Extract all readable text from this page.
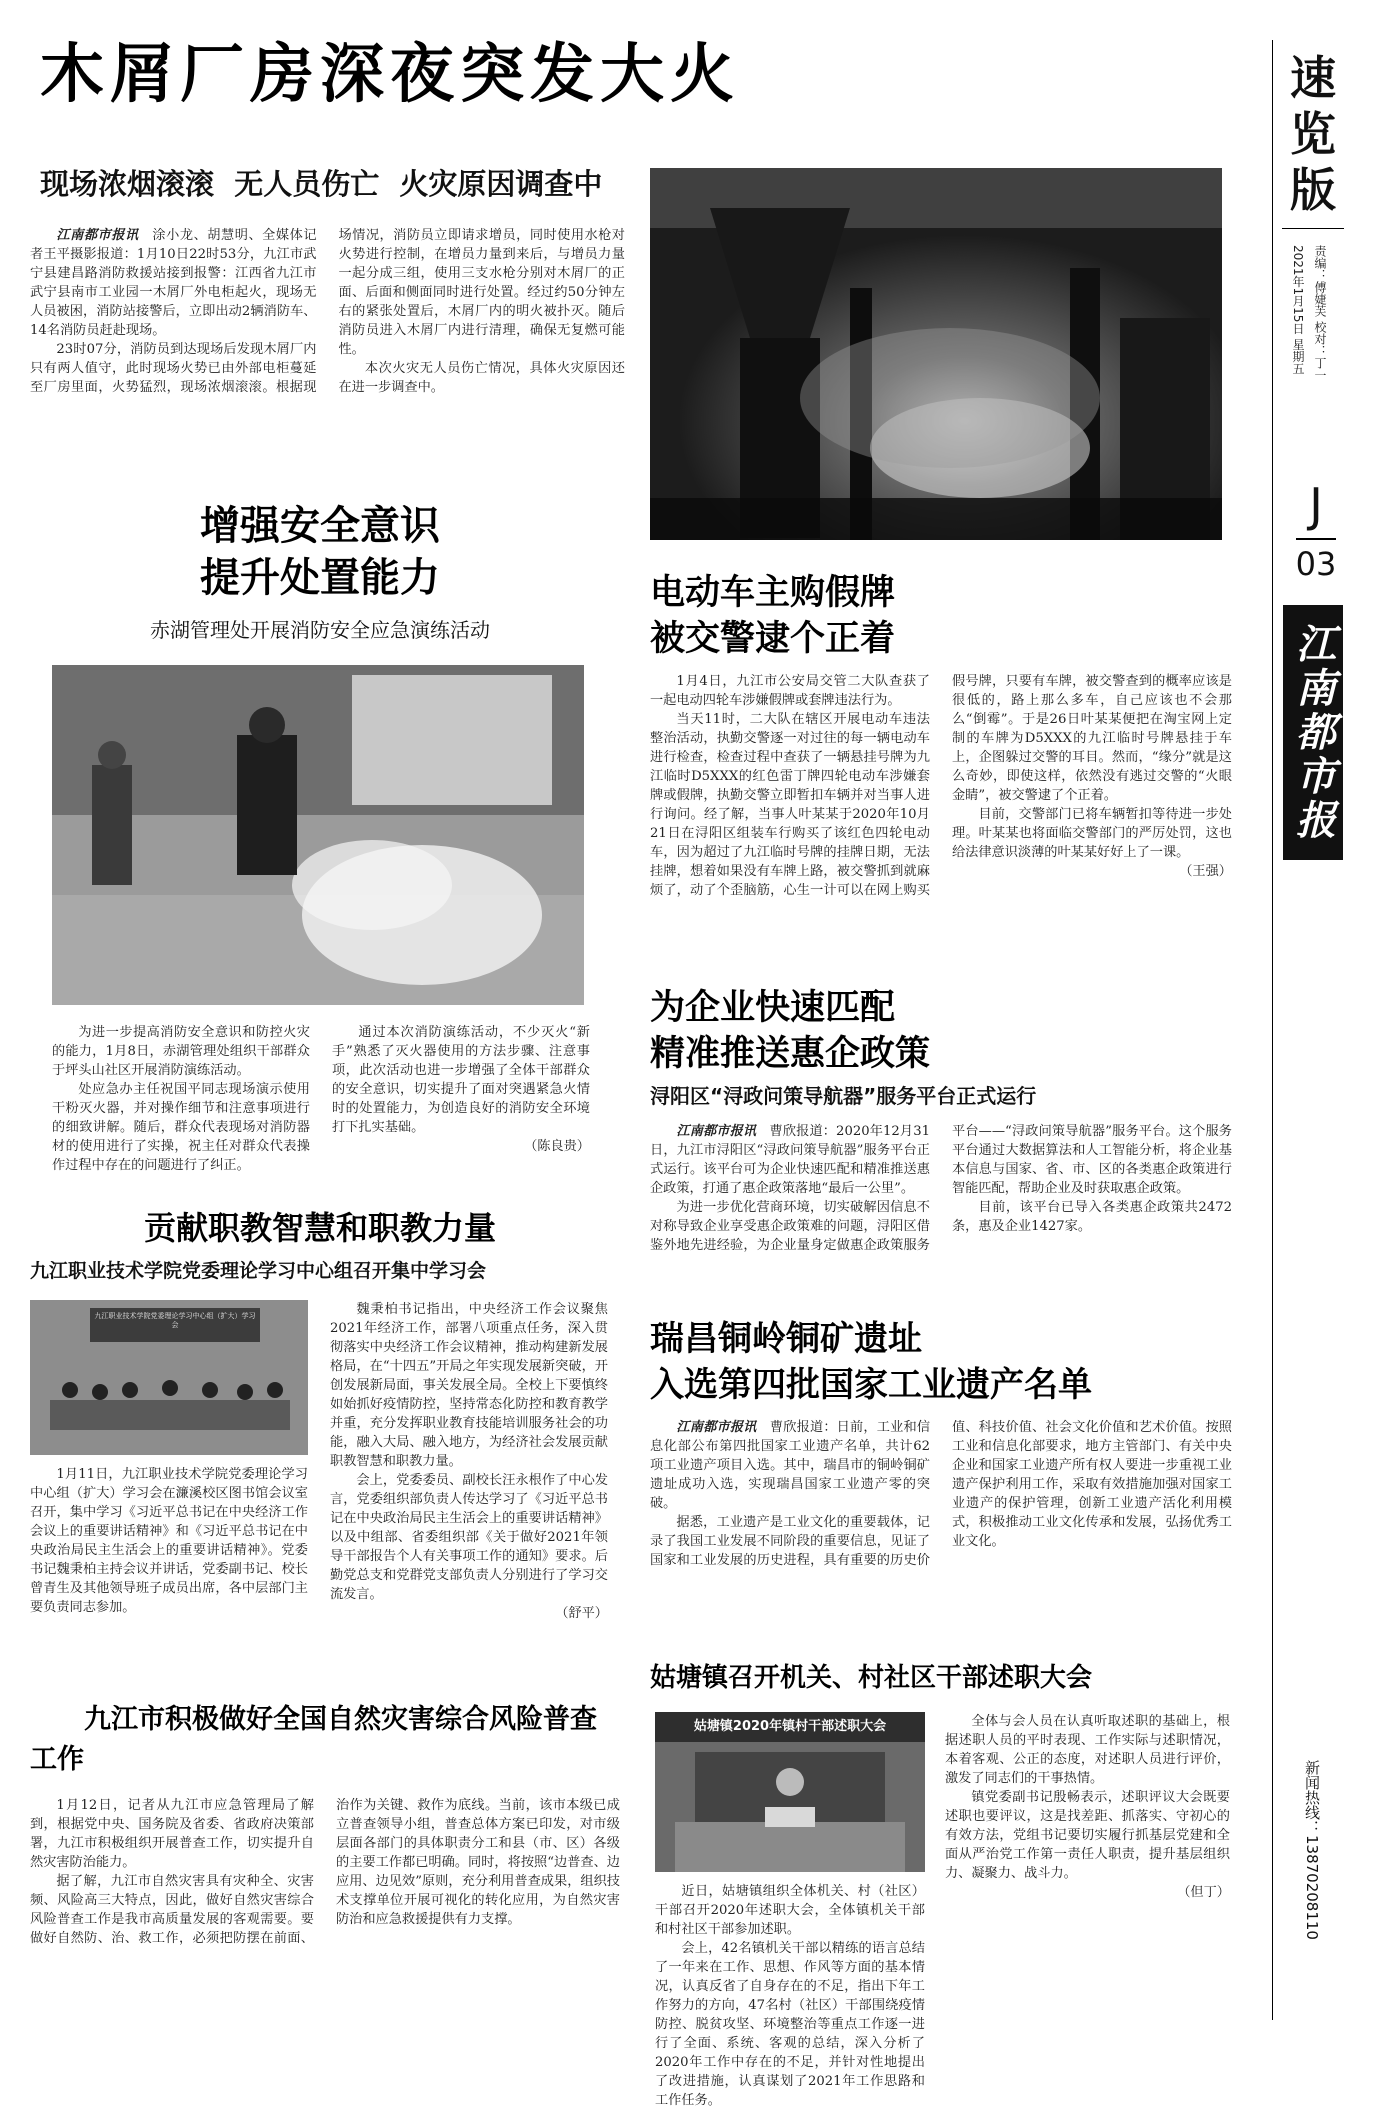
木屑厂房深夜突发大火
现场浓烟滚滚  无人员伤亡  火灾原因调查中

江南都市报讯　 涂小龙、胡慧明、全媒体记者王平摄影报道：1月10日22时53分，九江市武宁县建昌路消防救援站接到报警：江西省九江市武宁县南市工业园一木屑厂外电柜起火，现场无人员被困，消防站接警后，立即出动2辆消防车、14名消防员赶赴现场。

23时07分，消防员到达现场后发现木屑厂内只有两人值守，此时现场火势已由外部电柜蔓延至厂房里面，火势猛烈，现场浓烟滚滚。根据现场情况，消防员立即请求增员，同时使用水枪对火势进行控制，在增员力量到来后，与增员力量一起分成三组，使用三支水枪分别对木屑厂的正面、后面和侧面同时进行处置。经过约50分钟左右的紧张处置后，木屑厂内的明火被扑灭。随后消防员进入木屑厂内进行清理，确保无复燃可能性。

本次火灾无人员伤亡情况，具体火灾原因还在进一步调查中。

速览版
责编：傅婕芙 校对：丁一
2021年1月15日 星期五
J
03
江南都市报
新闻热线：13870208110
增强安全意识
提升处置能力
赤湖管理处开展消防安全应急演练活动

为进一步提高消防安全意识和防控火灾的能力，1月8日，赤湖管理处组织干部群众于坪头山社区开展消防演练活动。

处应急办主任祝国平同志现场演示使用干粉灭火器，并对操作细节和注意事项进行的细致讲解。随后，群众代表现场对消防器材的使用进行了实操，祝主任对群众代表操作过程中存在的问题进行了纠正。

通过本次消防演练活动，不少灭火“新手”熟悉了灭火器使用的方法步骤、注意事项，此次活动也进一步增强了全体干部群众的安全意识，切实提升了面对突遇紧急火情时的处置能力，为创造良好的消防安全环境打下扎实基础。

（陈良贵）

贡献职教智慧和职教力量
九江职业技术学院党委理论学习中心组召开集中学习会
九江职业技术学院党委理论学习中心组（扩大）学习会

1月11日，九江职业技术学院党委理论学习中心组（扩大）学习会在濂溪校区图书馆会议室召开，集中学习《习近平总书记在中央经济工作会议上的重要讲话精神》和《习近平总书记在中央政治局民主生活会上的重要讲话精神》。党委书记魏秉柏主持会议并讲话，党委副书记、校长曾青生及其他领导班子成员出席，各中层部门主要负责同志参加。

魏秉柏书记指出，中央经济工作会议聚焦2021年经济工作，部署八项重点任务，深入贯彻落实中央经济工作会议精神，推动构建新发展格局，在“十四五”开局之年实现发展新突破，开创发展新局面，事关发展全局。全校上下要慎终如始抓好疫情防控，坚持常态化防控和教育教学并重，充分发挥职业教育技能培训服务社会的功能，融入大局、融入地方，为经济社会发展贡献职教智慧和职教力量。

会上，党委委员、副校长汪永根作了中心发言，党委组织部负责人传达学习了《习近平总书记在中央政治局民主生活会上的重要讲话精神》以及中组部、省委组织部《关于做好2021年领导干部报告个人有关事项工作的通知》要求。后勤党总支和党群党支部负责人分别进行了学习交流发言。

（舒平）

九江市积极做好全国自然灾害综合风险普查工作

1月12日，记者从九江市应急管理局了解到，根据党中央、国务院及省委、省政府决策部署，九江市积极组织开展普查工作，切实提升自然灾害防治能力。

据了解，九江市自然灾害具有灾种全、灾害频、风险高三大特点，因此，做好自然灾害综合风险普查工作是我市高质量发展的客观需要。要做好自然防、治、救工作，必须把防摆在前面、治作为关键、救作为底线。当前，该市本级已成立普查领导小组，普查总体方案已印发，对市级层面各部门的具体职责分工和县（市、区）各级的主要工作都已明确。同时，将按照“边普查、边应用、边见效”原则，充分利用普查成果，组织技术支撑单位开展可视化的转化应用，为自然灾害防治和应急救援提供有力支撑。

电动车主购假牌
被交警逮个正着

1月4日，九江市公安局交管二大队查获了一起电动四轮车涉嫌假牌或套牌违法行为。

当天11时，二大队在辖区开展电动车违法整治活动，执勤交警逐一对过往的每一辆电动车进行检查，检查过程中查获了一辆悬挂号牌为九江临时D5XXX的红色雷丁牌四轮电动车涉嫌套牌或假牌，执勤交警立即暂扣车辆并对当事人进行询问。经了解，当事人叶某某于2020年10月21日在浔阳区组装车行购买了该红色四轮电动车，因为超过了九江临时号牌的挂牌日期，无法挂牌，想着如果没有车牌上路，被交警抓到就麻烦了，动了个歪脑筋，心生一计可以在网上购买假号牌，只要有车牌，被交警查到的概率应该是很低的，路上那么多车，自己应该也不会那么“倒霉”。于是26日叶某某便把在淘宝网上定制的车牌为D5XXX的九江临时号牌悬挂于车上，企图躲过交警的耳目。然而，“缘分”就是这么奇妙，即使这样，依然没有逃过交警的“火眼金睛”，被交警逮了个正着。

目前，交警部门已将车辆暂扣等待进一步处理。叶某某也将面临交警部门的严厉处罚，这也给法律意识淡薄的叶某某好好上了一课。

（王强）

为企业快速匹配
精准推送惠企政策
浔阳区“浔政问策导航器”服务平台正式运行

江南都市报讯　 曹欣报道：2020年12月31日，九江市浔阳区“浔政问策导航器”服务平台正式运行。该平台可为企业快速匹配和精准推送惠企政策，打通了惠企政策落地“最后一公里”。

为进一步优化营商环境，切实破解因信息不对称导致企业享受惠企政策难的问题，浔阳区借鉴外地先进经验，为企业量身定做惠企政策服务平台——“浔政问策导航器”服务平台。这个服务平台通过大数据算法和人工智能分析，将企业基本信息与国家、省、市、区的各类惠企政策进行智能匹配，帮助企业及时获取惠企政策。

目前，该平台已导入各类惠企政策共2472条，惠及企业1427家。

瑞昌铜岭铜矿遗址
入选第四批国家工业遗产名单

江南都市报讯　 曹欣报道：日前，工业和信息化部公布第四批国家工业遗产名单，共计62项工业遗产项目入选。其中，瑞昌市的铜岭铜矿遗址成功入选，实现瑞昌国家工业遗产零的突破。

据悉，工业遗产是工业文化的重要载体，记录了我国工业发展不同阶段的重要信息，见证了国家和工业发展的历史进程，具有重要的历史价值、科技价值、社会文化价值和艺术价值。按照工业和信息化部要求，地方主管部门、有关中央企业和国家工业遗产所有权人要进一步重视工业遗产保护利用工作，采取有效措施加强对国家工业遗产的保护管理，创新工业遗产活化利用模式，积极推动工业文化传承和发展，弘扬优秀工业文化。

姑塘镇召开机关、村社区干部述职大会
姑塘镇2020年镇村干部述职大会

近日，姑塘镇组织全体机关、村（社区）干部召开2020年述职大会，全体镇机关干部和村社区干部参加述职。

会上，42名镇机关干部以精练的语言总结了一年来在工作、思想、作风等方面的基本情况，认真反省了自身存在的不足，指出下年工作努力的方向，47名村（社区）干部围绕疫情防控、脱贫攻坚、环境整治等重点工作逐一进行了全面、系统、客观的总结，深入分析了2020年工作中存在的不足，并针对性地提出了改进措施，认真谋划了2021年工作思路和工作任务。

全体与会人员在认真听取述职的基础上，根据述职人员的平时表现、工作实际与述职情况，本着客观、公正的态度，对述职人员进行评价，激发了同志们的干事热情。

镇党委副书记殷畅表示，述职评议大会既要述职也要评议，这是找差距、抓落实、守初心的有效方法，党组书记要切实履行抓基层党建和全面从严治党工作第一责任人职责，提升基层组织力、凝聚力、战斗力。

（但丁）
